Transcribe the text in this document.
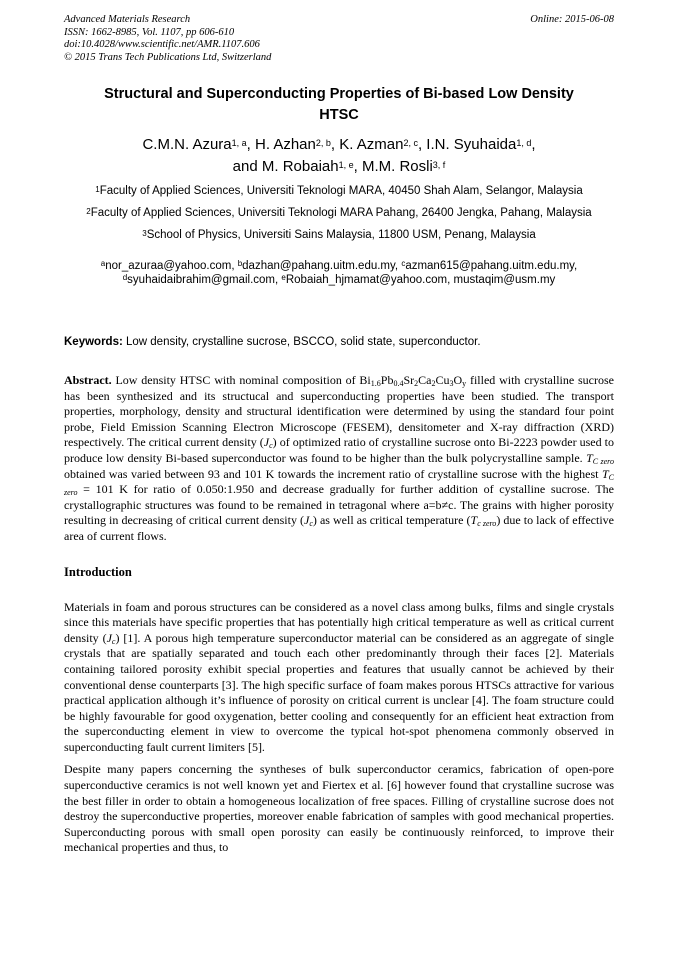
Advanced Materials Research
ISSN: 1662-8985, Vol. 1107, pp 606-610
doi:10.4028/www.scientific.net/AMR.1107.606
© 2015 Trans Tech Publications Ltd, Switzerland
Online: 2015-06-08
Structural and Superconducting Properties of Bi-based Low Density HTSC
C.M.N. Azura$^{1, a}$, H. Azhan$^{2, b}$, K. Azman$^{2, c}$, I.N. Syuhaida$^{1, d}$,
and M. Robaiah$^{1, e}$, M.M. Rosli$^{3, f}$

$^1$Faculty of Applied Sciences, Universiti Teknologi MARA, 40450 Shah Alam, Selangor, Malaysia

$^2$Faculty of Applied Sciences, Universiti Teknologi MARA Pahang, 26400 Jengka, Pahang, Malaysia

$^3$School of Physics, Universiti Sains Malaysia, 11800 USM, Penang, Malaysia

$^a$nor_azuraa@yahoo.com, $^b$dazhan@pahang.uitm.edu.my, $^c$azman615@pahang.uitm.edu.my,
$^d$syuhaidaibrahim@gmail.com, $^e$Robaiah_hjmamat@yahoo.com, mustaqim@usm.my
Keywords: Low density, crystalline sucrose, BSCCO, solid state, superconductor.
Abstract. Low density HTSC with nominal composition of $Bi_{1.6}Pb_{0.4}Sr_2Ca_2Cu_3O_y$ filled with crystalline sucrose has been synthesized and its structucal and superconducting properties have been studied. The transport properties, morphology, density and structural identification were determined by using the standard four point probe, Field Emission Scanning Electron Microscope (FESEM), densitometer and X-ray diffraction (XRD) respectively. The critical current density $(J_c)$ of optimized ratio of crystalline sucrose onto Bi-2223 powder used to produce low density Bi-based superconductor was found to be higher than the bulk polycrystalline sample. $T_{C zero}$ obtained was varied between 93 and 101 K towards the increment ratio of crystalline sucrose with the highest $T_{C zero} = 101$ K for ratio of 0.050:1.950 and decrease gradually for further addition of cystalline sucrose. The crystallographic structures was found to be remained in tetragonal where a=b≠c. The grains with higher porosity resulting in decreasing of critical current density $(J_c)$ as well as critical temperature $(T_{c zero})$ due to lack of effective area of current flows.
Introduction
Materials in foam and porous structures can be considered as a novel class among bulks, films and single crystals since this materials have specific properties that has potentially high critical temperature as well as critical current density $(J_c)$ [1]. A porous high temperature superconductor material can be considered as an aggregate of single crystals that are spatially separated and touch each other predominantly through their faces [2]. Materials containing tailored porosity exhibit special properties and features that usually cannot be achieved by their conventional dense counterparts [3]. The high specific surface of foam makes porous HTSCs attractive for various practical application although it’s influence of porosity on critical current is unclear [4]. The foam structure could be highly favourable for good oxygenation, better cooling and consequently for an efficient heat extraction from the superconducting element in view to overcome the typical hot-spot phenomena commonly observed in superconducting fault current limiters [5].
Despite many papers concerning the syntheses of bulk superconductor ceramics, fabrication of open-pore superconductive ceramics is not well known yet and Fiertex et al. [6] however found that crystalline sucrose was the best filler in order to obtain a homogeneous localization of free spaces. Filling of crystalline sucrose does not destroy the superconductive properties, moreover enable fabrication of samples with good mechanical properties. Superconducting porous with small open porosity can easily be continuously reinforced, to improve their mechanical properties and thus, to
